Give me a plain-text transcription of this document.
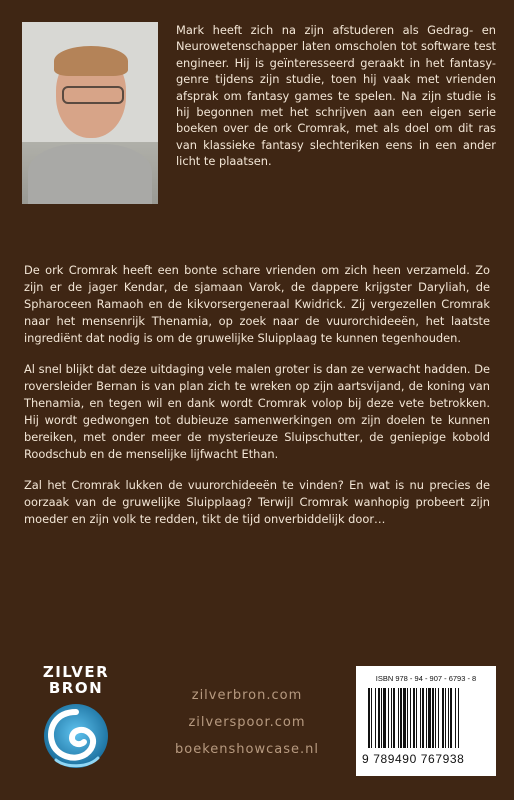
Mark heeft zich na zijn afstuderen als Gedrag- en Neurowetenschapper laten omscholen tot software test engineer. Hij is geïnteresseerd geraakt in het fantasy-genre tijdens zijn studie, toen hij vaak met vrienden afsprak om fantasy games te spelen. Na zijn studie is hij begonnen met het schrijven aan een eigen serie boeken over de ork Cromrak, met als doel om dit ras van klassieke fantasy slechteriken eens in een ander licht te plaatsen.

De ork Cromrak heeft een bonte schare vrienden om zich heen verzameld. Zo zijn er de jager Kendar, de sjamaan Varok, de dappere krijgster Daryliah, de Spharoceen Ramaoh en de kikvorsergeneraal Kwidrick. Zij vergezellen Cromrak naar het mensenrijk Thenamia, op zoek naar de vuurorchideeën, het laatste ingrediënt dat nodig is om de gruwelijke Sluipplaag te kunnen tegenhouden.

Al snel blijkt dat deze uitdaging vele malen groter is dan ze verwacht hadden. De roversleider Bernan is van plan zich te wreken op zijn aartsvijand, de koning van Thenamia, en tegen wil en dank wordt Cromrak volop bij deze vete betrokken. Hij wordt gedwongen tot dubieuze samenwerkingen om zijn doelen te kunnen bereiken, met onder meer de mysterieuze Sluipschutter, de geniepige kobold Roodschub en de menselijke lijfwacht Ethan.

Zal het Cromrak lukken de vuurorchideeën te vinden? En wat is nu precies de oorzaak van de gruwelijke Sluipplaag? Terwijl Cromrak wanhopig probeert zijn moeder en zijn volk te redden, tikt de tijd onverbiddelijk door…

ZILVER
BRON	zilverbron.com
zilverspoor.com
boekenshowcase.nl
ISBN 978 - 94 - 907 - 6793 - 8
9 789490 767938
